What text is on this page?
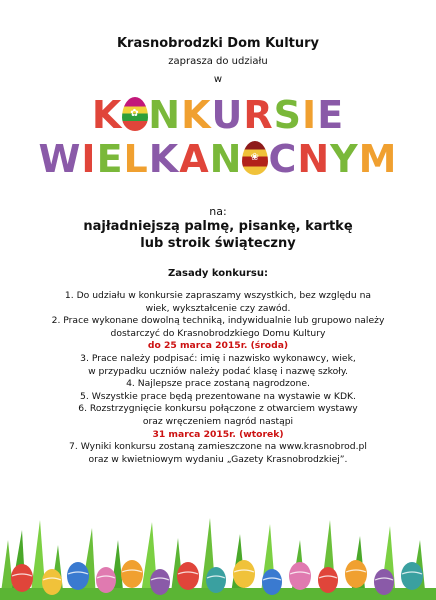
Krasnobrodzki Dom Kultury
zaprasza do udziału
w
K ✿ NKURSIE
WIELKAN ❀ CNYM
na:
najładniejszą palmę, pisankę, kartkę
lub stroik świąteczny
Zasady konkursu:
1. Do udziału w konkursie zapraszamy wszystkich, bez względu na
wiek, wykształcenie czy zawód.
2. Prace wykonane dowolną techniką, indywidualnie lub grupowo należy
dostarczyć do Krasnobrodzkiego Domu Kultury
do 25 marca 2015r. (środa)
3. Prace należy podpisać: imię i nazwisko wykonawcy, wiek,
w przypadku uczniów należy podać klasę i nazwę szkoły.
4. Najlepsze prace zostaną nagrodzone.
5. Wszystkie prace będą prezentowane na wystawie w KDK.
6. Rozstrzygnięcie konkursu połączone z otwarciem wystawy
oraz wręczeniem nagród nastąpi
31 marca 2015r. (wtorek)
7. Wyniki konkursu zostaną zamieszczone na www.krasnobrod.pl
oraz w kwietniowym wydaniu „Gazety Krasnobrodzkiej”.
